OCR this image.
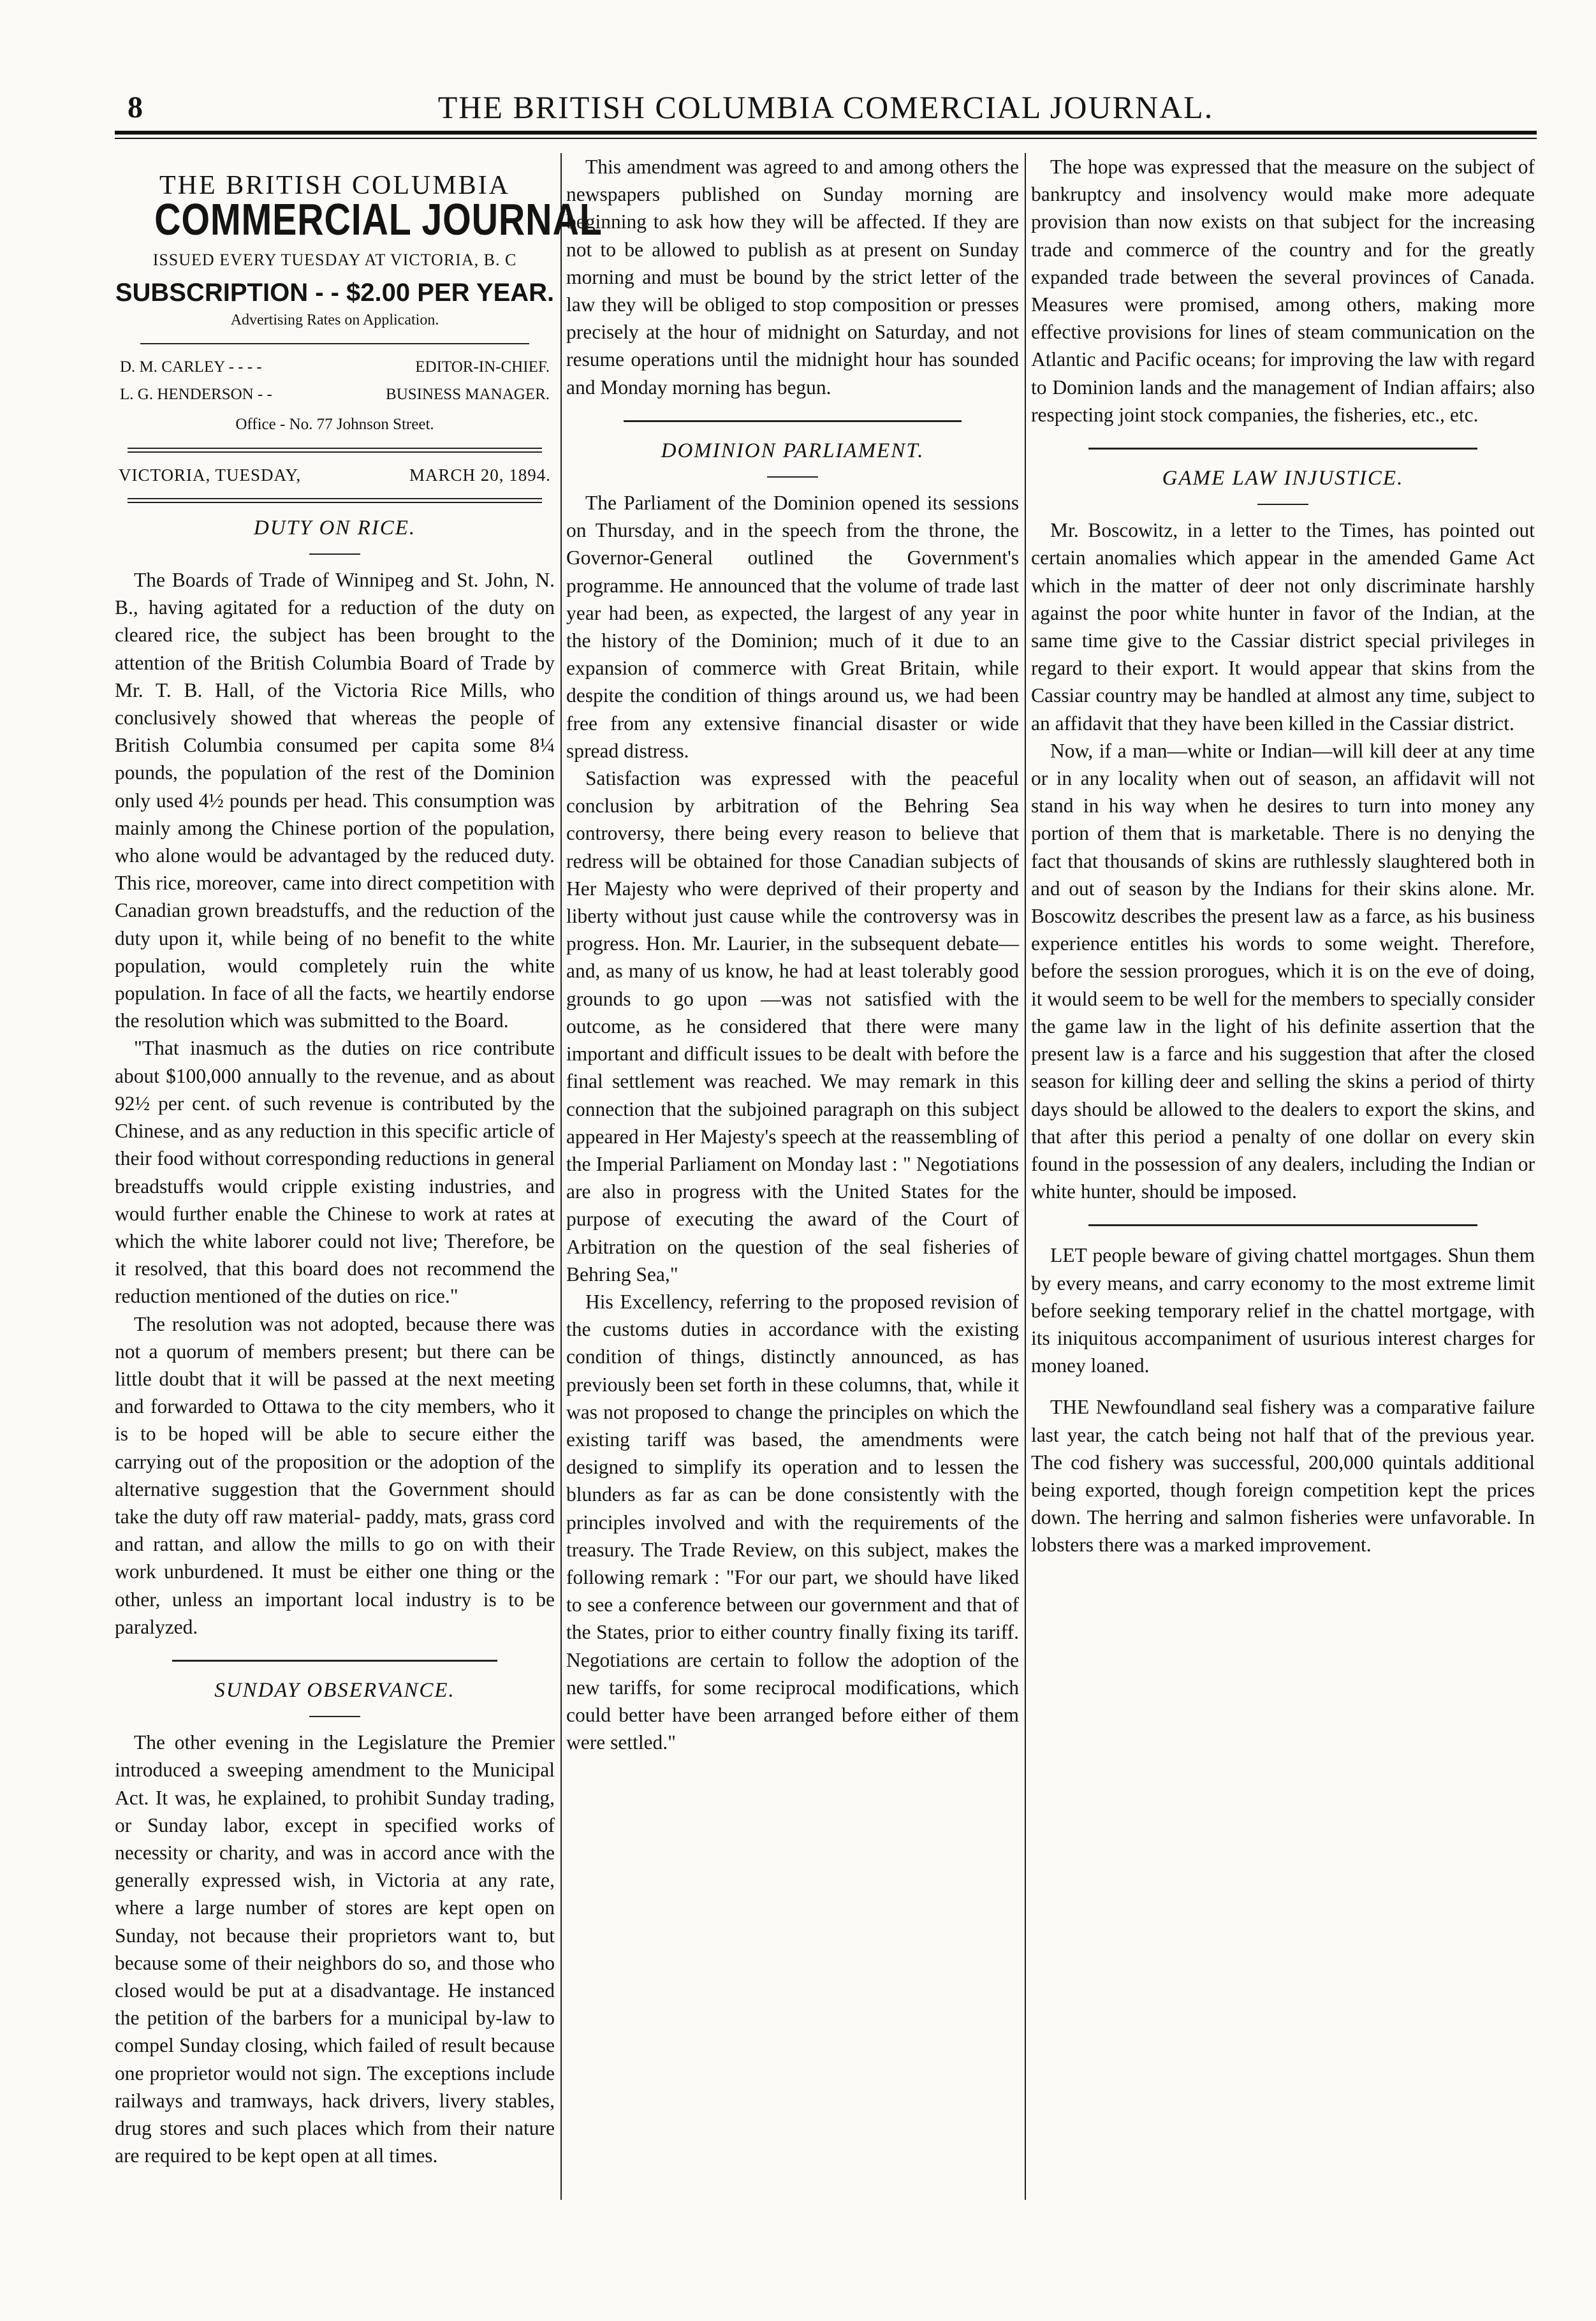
8	THE BRITISH COLUMBIA COMERCIAL JOURNAL.
THE BRITISH COLUMBIA
COMMERCIAL JOURNAL
ISSUED EVERY TUESDAY AT VICTORIA, B. C
SUBSCRIPTION - - $2.00 PER YEAR.
Advertising Rates on Application.
D. M. CARLEY - - - -	EDITOR-IN-CHIEF.
L. G. HENDERSON - -	BUSINESS MANAGER.
Office - No. 77 Johnson Street.
VICTORIA, TUESDAY,	MARCH 20, 1894.
DUTY ON RICE.

The Boards of Trade of Winnipeg and St. John, N. B., having agitated for a reduction of the duty on cleared rice, the subject has been brought to the attention of the British Columbia Board of Trade by Mr. T. B. Hall, of the Victoria Rice Mills, who conclusively showed that whereas the people of British Columbia consumed per capita some 8¼ pounds, the population of the rest of the Dominion only used 4½ pounds per head. This consumption was mainly among the Chinese portion of the population, who alone would be advantaged by the reduced duty. This rice, moreover, came into direct competition with Canadian grown breadstuffs, and the reduction of the duty upon it, while being of no benefit to the white population, would completely ruin the white population. In face of all the facts, we heartily endorse the resolution which was submitted to the Board.

"That inasmuch as the duties on rice contribute about $100,000 annually to the revenue, and as about 92½ per cent. of such revenue is contributed by the Chinese, and as any reduction in this specific article of their food without corresponding reductions in general breadstuffs would cripple existing industries, and would further enable the Chinese to work at rates at which the white laborer could not live; Therefore, be it resolved, that this board does not recommend the reduction mentioned of the duties on rice."

The resolution was not adopted, because there was not a quorum of members present; but there can be little doubt that it will be passed at the next meeting and forwarded to Ottawa to the city members, who it is to be hoped will be able to secure either the carrying out of the proposition or the adoption of the alternative suggestion that the Government should take the duty off raw material- paddy, mats, grass cord and rattan, and allow the mills to go on with their work unburdened. It must be either one thing or the other, unless an important local industry is to be paralyzed.

SUNDAY OBSERVANCE.

The other evening in the Legislature the Premier introduced a sweeping amendment to the Municipal Act. It was, he explained, to prohibit Sunday trading, or Sunday labor, except in specified works of necessity or charity, and was in accord ance with the generally expressed wish, in Victoria at any rate, where a large number of stores are kept open on Sunday, not because their proprietors want to, but because some of their neighbors do so, and those who closed would be put at a disadvantage. He instanced the petition of the barbers for a municipal by-law to compel Sunday closing, which failed of result because one proprietor would not sign. The exceptions include railways and tramways, hack drivers, livery stables, drug stores and such places which from their nature are required to be kept open at all times.

This amendment was agreed to and among others the newspapers published on Sunday morning are beginning to ask how they will be affected. If they are not to be allowed to publish as at present on Sunday morning and must be bound by the strict letter of the law they will be obliged to stop composition or presses precisely at the hour of midnight on Saturday, and not resume operations until the midnight hour has sounded and Monday morning has begun.

DOMINION PARLIAMENT.

The Parliament of the Dominion opened its sessions on Thursday, and in the speech from the throne, the Governor-General outlined the Government's programme. He announced that the volume of trade last year had been, as expected, the largest of any year in the history of the Dominion; much of it due to an expansion of commerce with Great Britain, while despite the condition of things around us, we had been free from any extensive financial disaster or wide spread distress.

Satisfaction was expressed with the peaceful conclusion by arbitration of the Behring Sea controversy, there being every reason to believe that redress will be obtained for those Canadian subjects of Her Majesty who were deprived of their property and liberty without just cause while the controversy was in progress. Hon. Mr. Laurier, in the subsequent debate—and, as many of us know, he had at least tolerably good grounds to go upon —was not satisfied with the outcome, as he considered that there were many important and difficult issues to be dealt with before the final settlement was reached. We may remark in this connection that the subjoined paragraph on this subject appeared in Her Majesty's speech at the reassembling of the Imperial Parliament on Monday last : " Negotiations are also in progress with the United States for the purpose of executing the award of the Court of Arbitration on the question of the seal fisheries of Behring Sea,"

His Excellency, referring to the proposed revision of the customs duties in accordance with the existing condition of things, distinctly announced, as has previously been set forth in these columns, that, while it was not proposed to change the principles on which the existing tariff was based, the amendments were designed to simplify its operation and to lessen the blunders as far as can be done consistently with the principles involved and with the requirements of the treasury. The Trade Review, on this subject, makes the following remark : "For our part, we should have liked to see a conference between our government and that of the States, prior to either country finally fixing its tariff. Negotiations are certain to follow the adoption of the new tariffs, for some reciprocal modifications, which could better have been arranged before either of them were settled."

The hope was expressed that the measure on the subject of bankruptcy and insolvency would make more adequate provision than now exists on that subject for the increasing trade and commerce of the country and for the greatly expanded trade between the several provinces of Canada. Measures were promised, among others, making more effective provisions for lines of steam communication on the Atlantic and Pacific oceans; for improving the law with regard to Dominion lands and the management of Indian affairs; also respecting joint stock companies, the fisheries, etc., etc.

GAME LAW INJUSTICE.

Mr. Boscowitz, in a letter to the Times, has pointed out certain anomalies which appear in the amended Game Act which in the matter of deer not only discriminate harshly against the poor white hunter in favor of the Indian, at the same time give to the Cassiar district special privileges in regard to their export. It would appear that skins from the Cassiar country may be handled at almost any time, subject to an affidavit that they have been killed in the Cassiar district.

Now, if a man—white or Indian—will kill deer at any time or in any locality when out of season, an affidavit will not stand in his way when he desires to turn into money any portion of them that is marketable. There is no denying the fact that thousands of skins are ruthlessly slaughtered both in and out of season by the Indians for their skins alone. Mr. Boscowitz describes the present law as a farce, as his business experience entitles his words to some weight. Therefore, before the session prorogues, which it is on the eve of doing, it would seem to be well for the members to specially consider the game law in the light of his definite assertion that the present law is a farce and his suggestion that after the closed season for killing deer and selling the skins a period of thirty days should be allowed to the dealers to export the skins, and that after this period a penalty of one dollar on every skin found in the possession of any dealers, including the Indian or white hunter, should be imposed.

LET people beware of giving chattel mortgages. Shun them by every means, and carry economy to the most extreme limit before seeking temporary relief in the chattel mortgage, with its iniquitous accompaniment of usurious interest charges for money loaned.

THE Newfoundland seal fishery was a comparative failure last year, the catch being not half that of the previous year. The cod fishery was successful, 200,000 quintals additional being exported, though foreign competition kept the prices down. The herring and salmon fisheries were unfavorable. In lobsters there was a marked improvement.
